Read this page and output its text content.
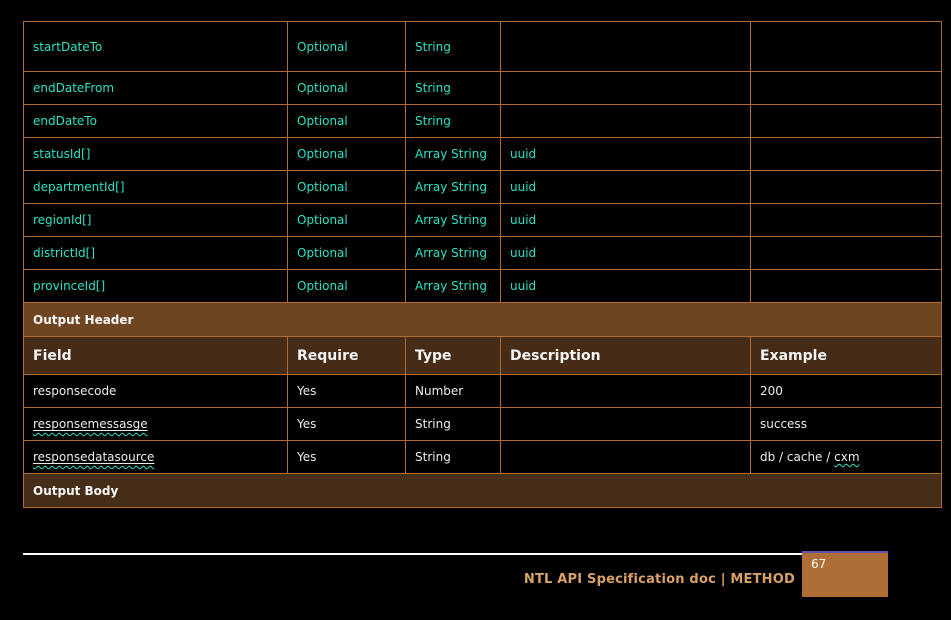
startDateTo	Optional	String		
endDateFrom	Optional	String		
endDateTo	Optional	String		
statusId[]	Optional	Array String	uuid	
departmentId[]	Optional	Array String	uuid	
regionId[]	Optional	Array String	uuid	
districtId[]	Optional	Array String	uuid	
provinceId[]	Optional	Array String	uuid	
Output Header				
Field	Require	Type	Description	Example
responsecode	Yes	Number		200
responsemessasge	Yes	String		success
responsedatasource	Yes	String		db / cache / cxm
Output Body				
NTL API Specification doc | METHOD
67
